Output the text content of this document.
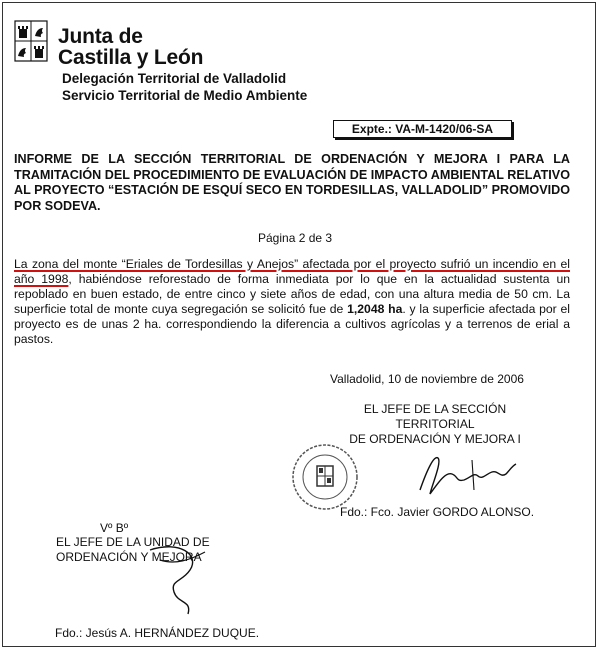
Junta de
Castilla y León
Delegación Territorial de Valladolid
Servicio Territorial de Medio Ambiente
Expte.: VA-M-1420/06-SA
INFORME DE LA SECCIÓN TERRITORIAL DE ORDENACIÓN Y MEJORA I PARA LA TRAMITACIÓN DEL PROCEDIMIENTO DE EVALUACIÓN DE IMPACTO AMBIENTAL RELATIVO AL PROYECTO “ESTACIÓN DE ESQUÍ SECO EN TORDESILLAS, VALLADOLID” PROMOVIDO POR SODEVA.
Página 2 de 3
La zona del monte “Eriales de Tordesillas y Anejos” afectada por el proyecto sufrió un incendio en el año 1998, habiéndose reforestado de forma inmediata por lo que en la actualidad sustenta un repoblado en buen estado, de entre cinco y siete años de edad, con una altura media de 50 cm. La superficie total de monte cuya segregación se solicitó fue de 1,2048 ha. y la superficie afectada por el proyecto es de unas 2 ha. correspondiendo la diferencia a cultivos agrícolas y a terrenos de erial a pastos.
Valladolid, 10 de noviembre de 2006
EL JEFE DE LA SECCIÓN
TERRITORIAL
DE ORDENACIÓN Y MEJORA I
Fdo.: Fco. Javier GORDO ALONSO.
Vº Bº
EL JEFE DE LA UNIDAD DE
ORDENACIÓN Y MEJORA
Fdo.: Jesús A. HERNÁNDEZ DUQUE.
